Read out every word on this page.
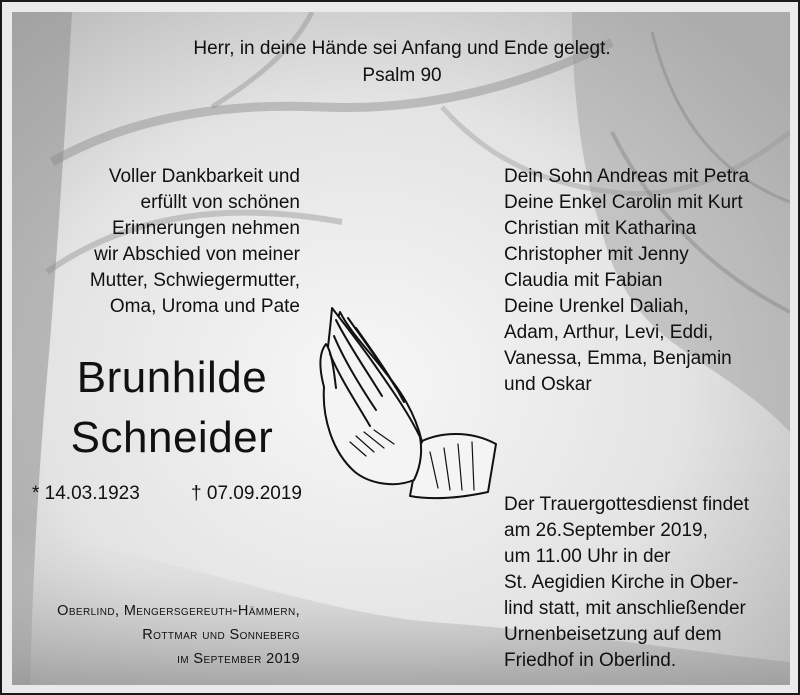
Herr, in deine Hände sei Anfang und Ende gelegt.
Psalm 90
Voller Dankbarkeit und
erfüllt von schönen
Erinnerungen nehmen
wir Abschied von meiner
Mutter, Schwiegermutter,
Oma, Uroma und Pate
Brunhilde
Schneider
* 14.03.1923	† 07.09.2019
Dein Sohn Andreas mit Petra
Deine Enkel Carolin mit Kurt
Christian mit Katharina
Christopher mit Jenny
Claudia mit Fabian
Deine Urenkel Daliah,
Adam, Arthur, Levi, Eddi,
Vanessa, Emma, Benjamin
und Oskar
Der Trauergottesdienst findet
am 26.September 2019,
um 11.00 Uhr in der
St. Aegidien Kirche in Ober-
lind statt, mit anschließender
Urnenbeisetzung auf dem
Friedhof in Oberlind.
Oberlind, Mengersgereuth-Hämmern,
Rottmar und Sonneberg
im September 2019
